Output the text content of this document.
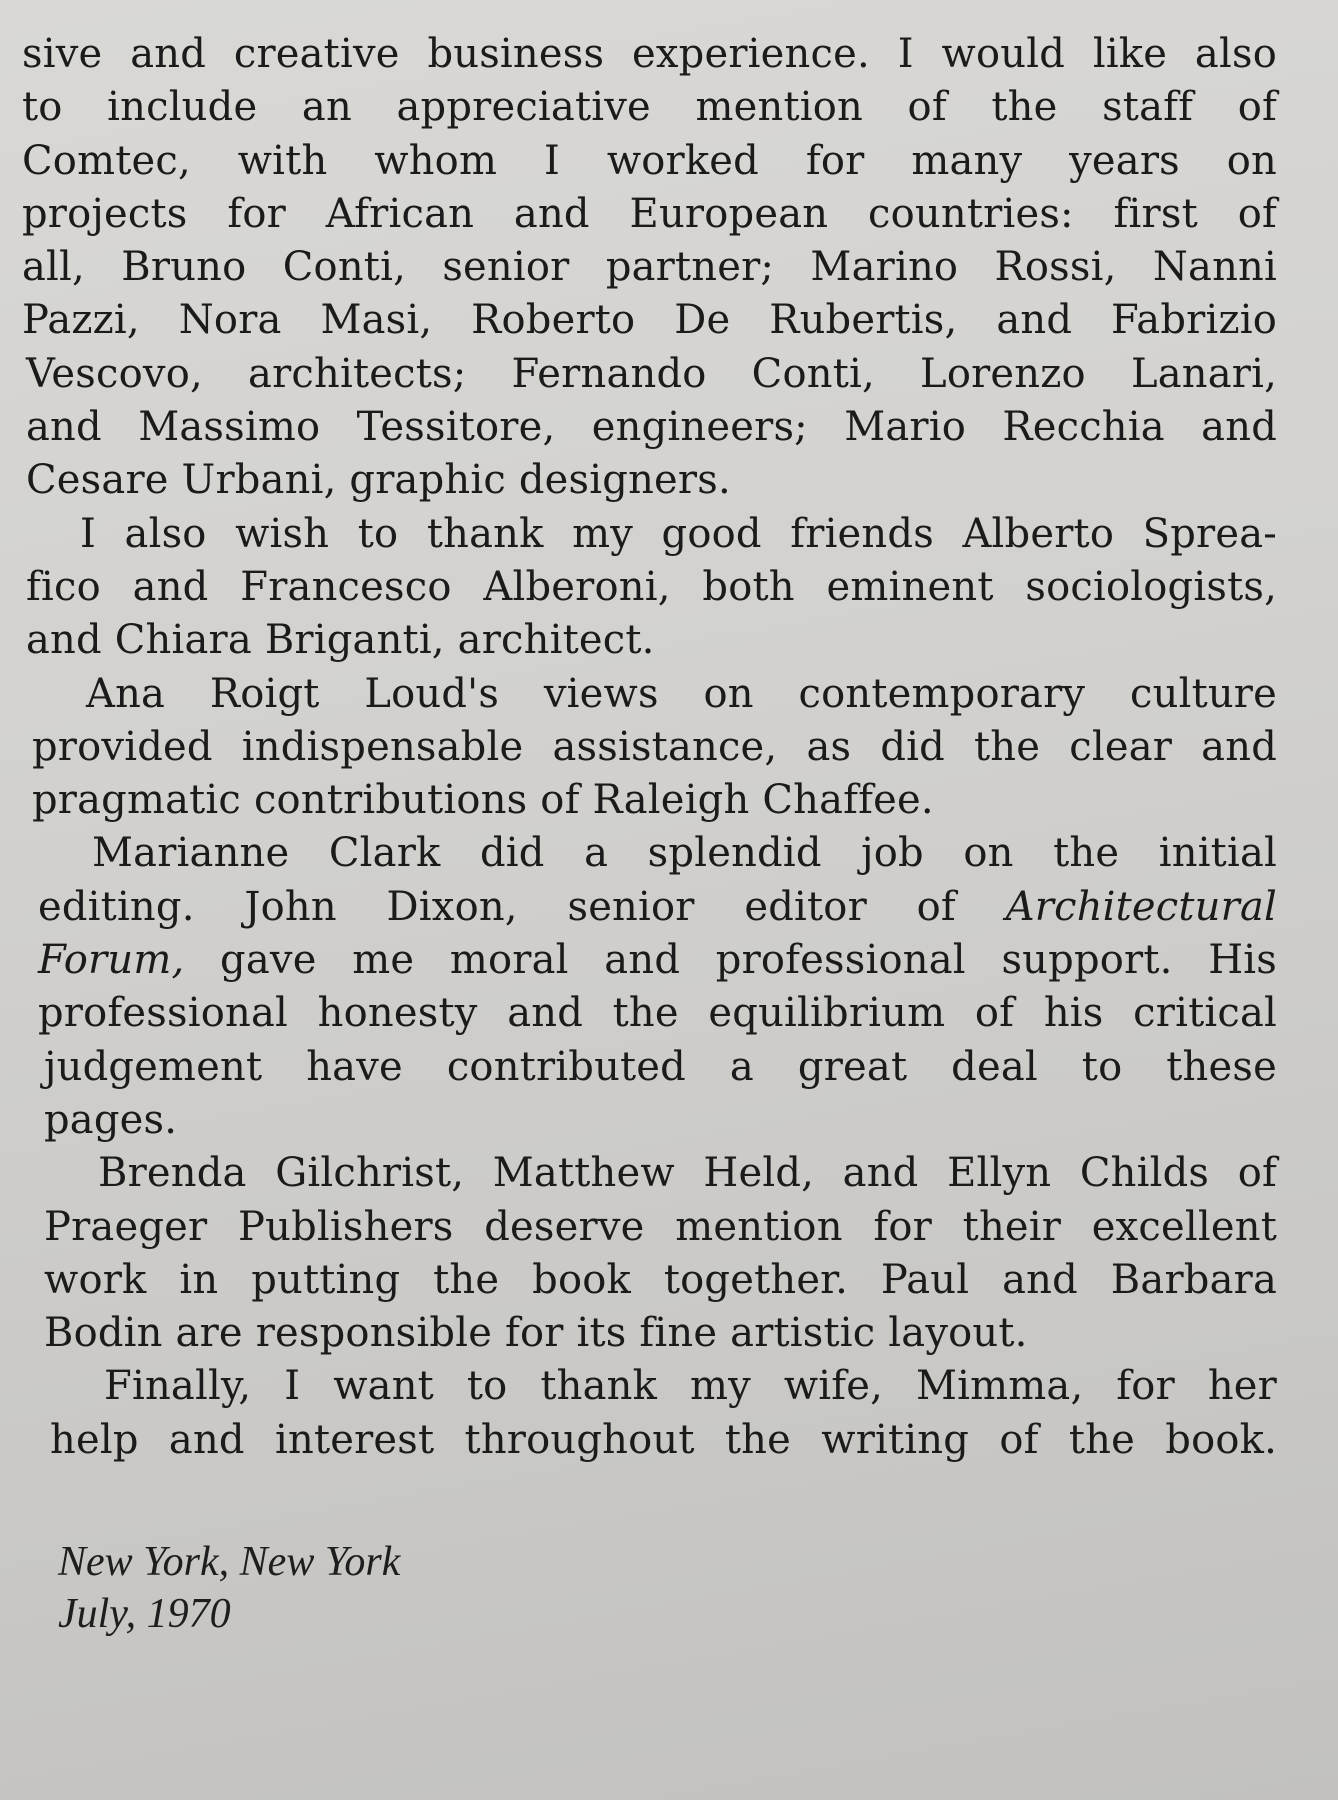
sive and creative business experience. I would like also
to include an appreciative mention of the staff of
Comtec, with whom I worked for many years on
projects for African and European countries: first of
all, Bruno Conti, senior partner; Marino Rossi, Nanni
Pazzi, Nora Masi, Roberto De Rubertis, and Fabrizio
Vescovo, architects; Fernando Conti, Lorenzo Lanari,
and Massimo Tessitore, engineers; Mario Recchia and
Cesare Urbani, graphic designers.
I also wish to thank my good friends Alberto Sprea-
fico and Francesco Alberoni, both eminent sociologists,
and Chiara Briganti, architect.
Ana Roigt Loud's views on contemporary culture
provided indispensable assistance, as did the clear and
pragmatic contributions of Raleigh Chaffee.
Marianne Clark did a splendid job on the initial
editing. John Dixon, senior editor of Architectural
Forum, gave me moral and professional support. His
professional honesty and the equilibrium of his critical
judgement have contributed a great deal to these
pages.
Brenda Gilchrist, Matthew Held, and Ellyn Childs of
Praeger Publishers deserve mention for their excellent
work in putting the book together. Paul and Barbara
Bodin are responsible for its fine artistic layout.
Finally, I want to thank my wife, Mimma, for her
help and interest throughout the writing of the book.
New York, New York
July, 1970
